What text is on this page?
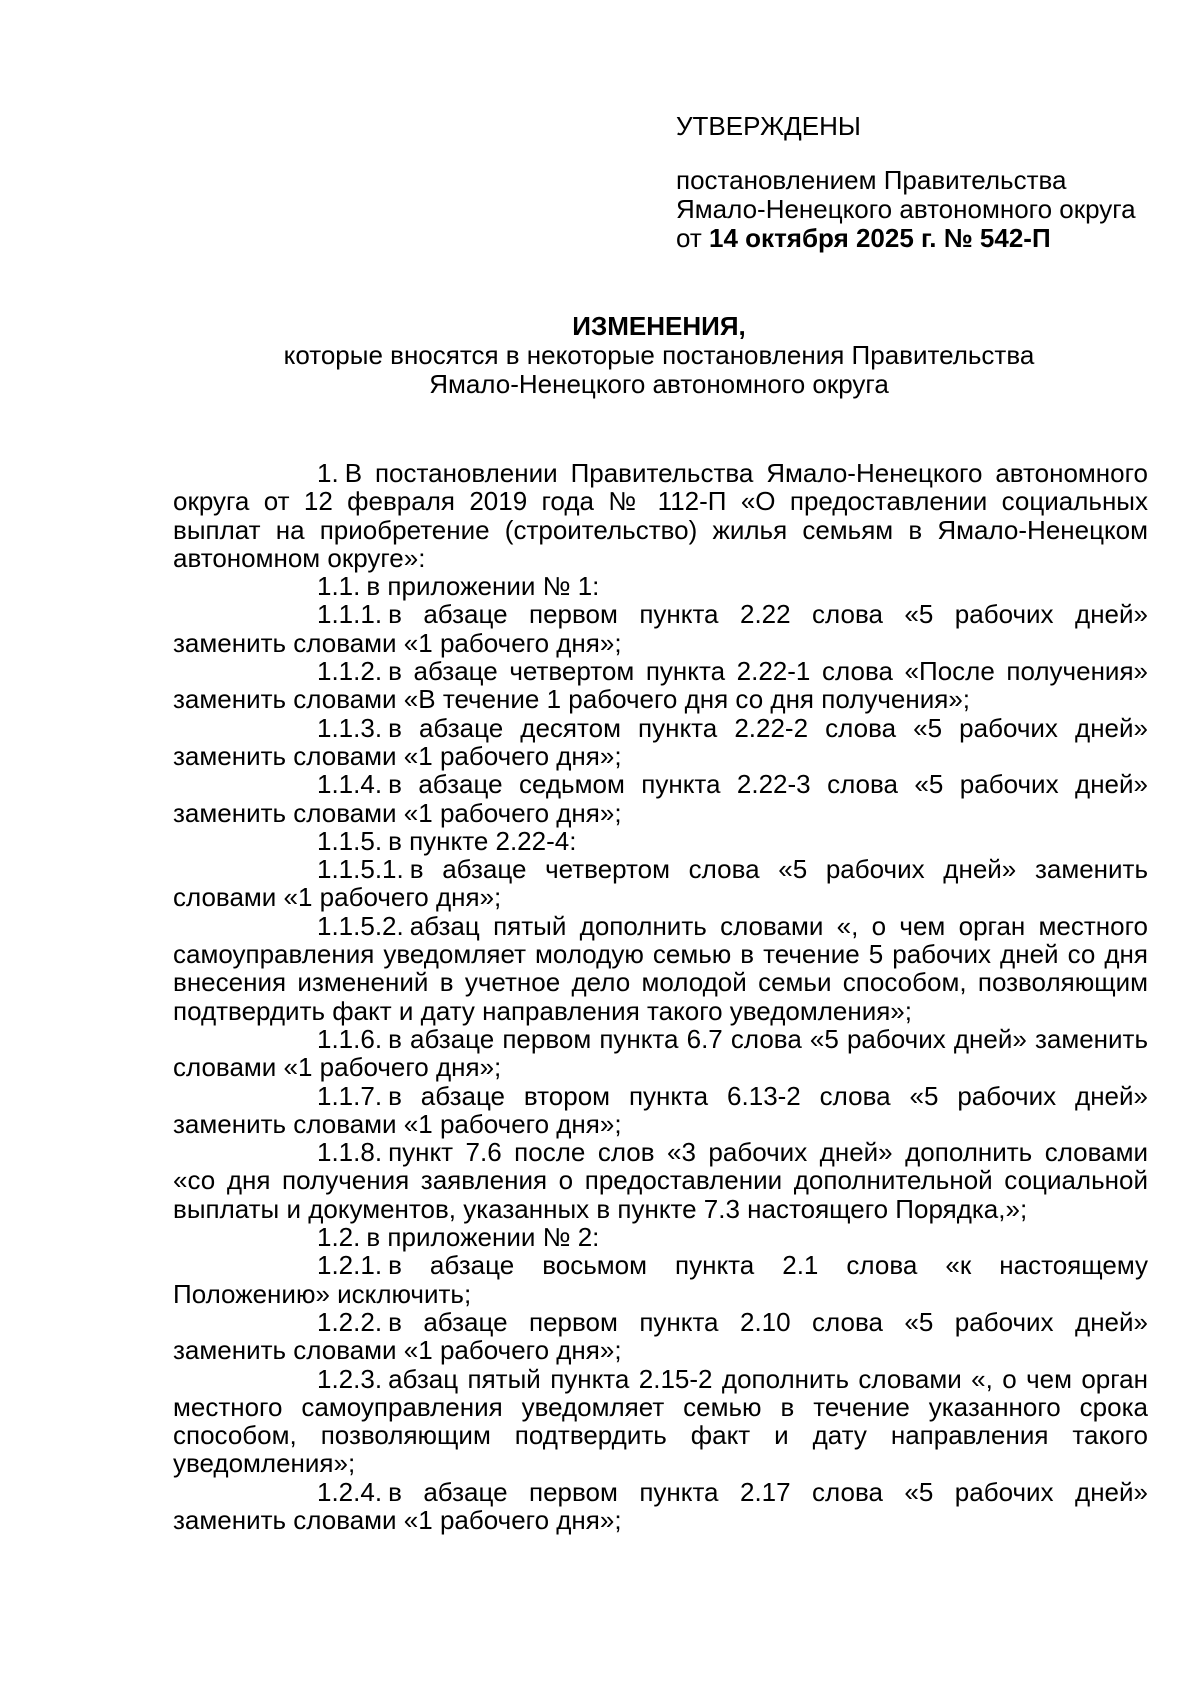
УТВЕРЖДЕНЫ
постановлением Правительства
Ямало-Ненецкого автономного округа
от 14 октября 2025 г. № 542-П
ИЗМЕНЕНИЯ,
которые вносятся в некоторые постановления Правительства
Ямало-Ненецкого автономного округа

1. В постановлении Правительства Ямало-Ненецкого автономного округа от 12 февраля 2019 года № 112-П «О предоставлении социальных выплат на приобретение (строительство) жилья семьям в Ямало-Ненецком автономном округе»:

1.1. в приложении № 1:

1.1.1. в абзаце первом пункта 2.22 слова «5 рабочих дней» заменить словами «1 рабочего дня»;

1.1.2. в абзаце четвертом пункта 2.22-1 слова «После получения» заменить словами «В течение 1 рабочего дня со дня получения»;

1.1.3. в абзаце десятом пункта 2.22-2 слова «5 рабочих дней» заменить словами «1 рабочего дня»;

1.1.4. в абзаце седьмом пункта 2.22-3 слова «5 рабочих дней» заменить словами «1 рабочего дня»;

1.1.5. в пункте 2.22-4:

1.1.5.1. в абзаце четвертом слова «5 рабочих дней» заменить словами «1 рабочего дня»;

1.1.5.2. абзац пятый дополнить словами «, о чем орган местного самоуправления уведомляет молодую семью в течение 5 рабочих дней со дня внесения изменений в учетное дело молодой семьи способом, позволяющим подтвердить факт и дату направления такого уведомления»;

1.1.6. в абзаце первом пункта 6.7 слова «5 рабочих дней» заменить словами «1 рабочего дня»;

1.1.7. в абзаце втором пункта 6.13-2 слова «5 рабочих дней» заменить словами «1 рабочего дня»;

1.1.8. пункт 7.6 после слов «3 рабочих дней» дополнить словами «со дня получения заявления о предоставлении дополнительной социальной выплаты и документов, указанных в пункте 7.3 настоящего Порядка,»;

1.2. в приложении № 2:

1.2.1. в абзаце восьмом пункта 2.1 слова «к настоящему Положению» исключить;

1.2.2. в абзаце первом пункта 2.10 слова «5 рабочих дней» заменить словами «1 рабочего дня»;

1.2.3. абзац пятый пункта 2.15-2 дополнить словами «, о чем орган местного самоуправления уведомляет семью в течение указанного срока способом, позволяющим подтвердить факт и дату направления такого уведомления»;

1.2.4. в абзаце первом пункта 2.17 слова «5 рабочих дней» заменить словами «1 рабочего дня»;
